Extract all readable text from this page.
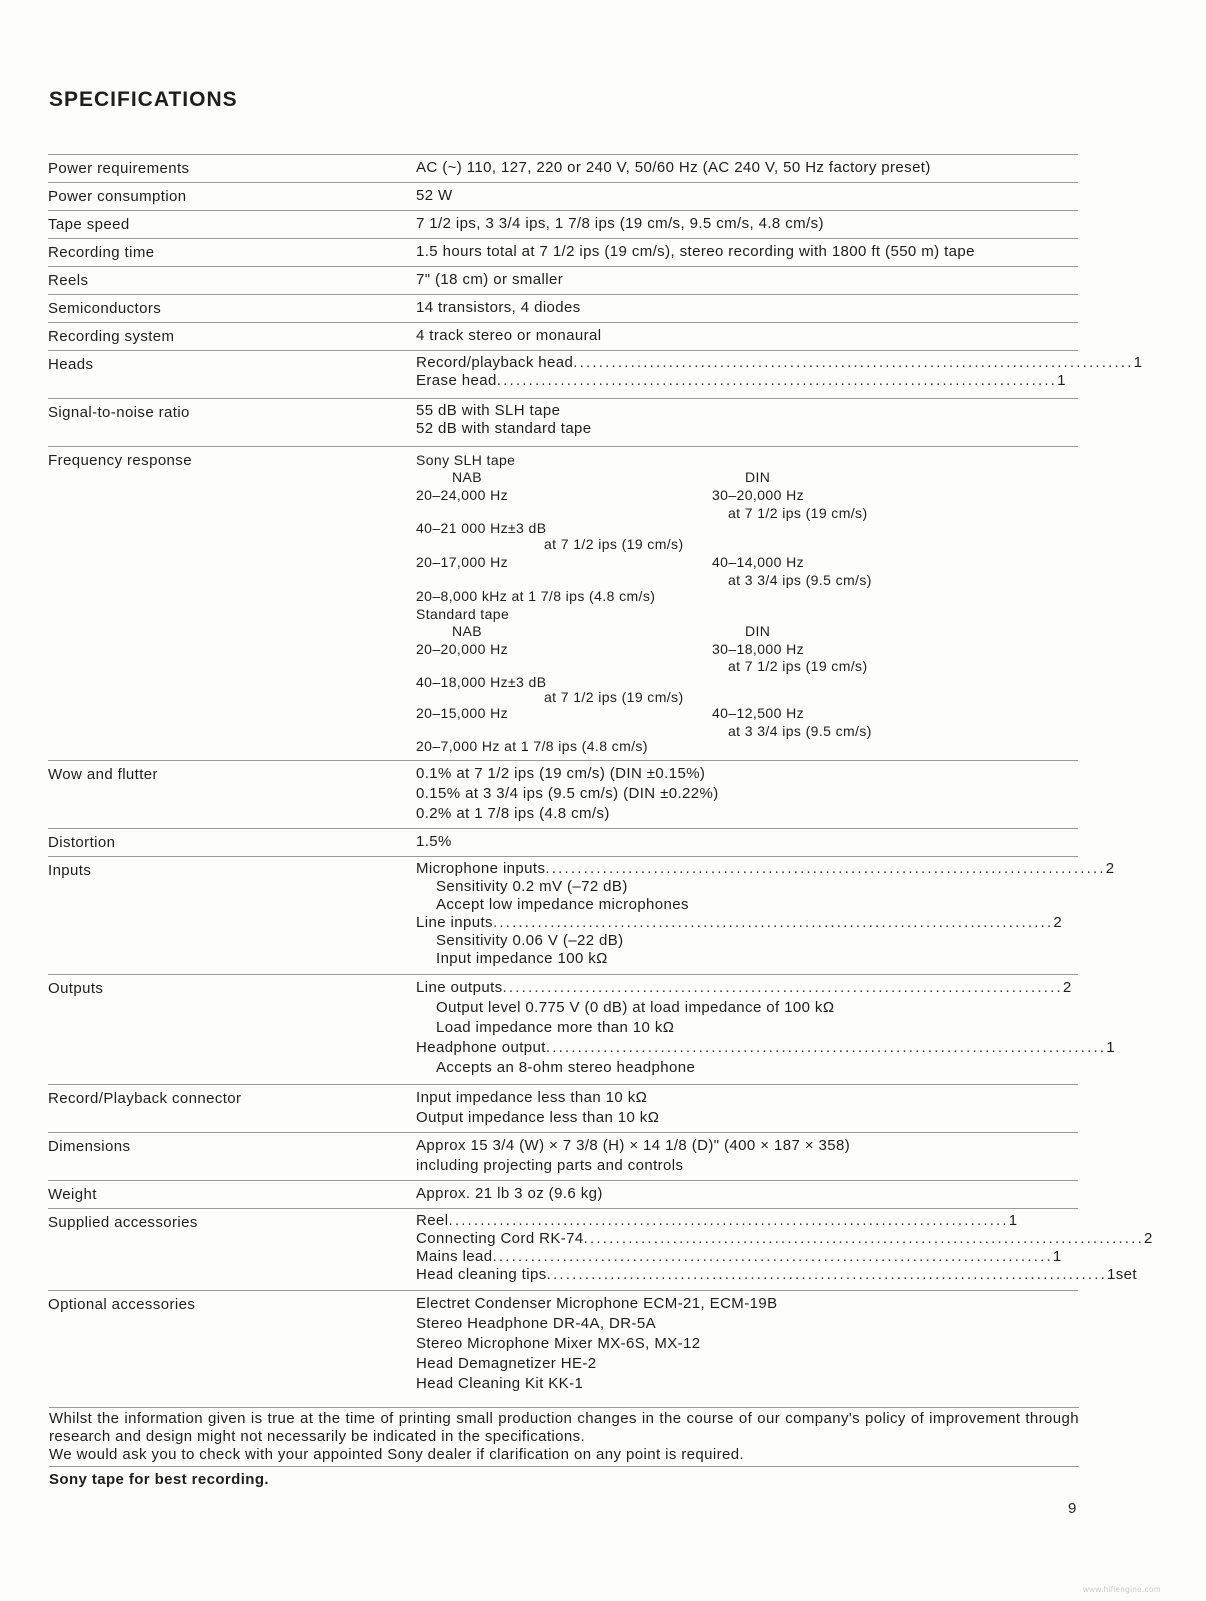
SPECIFICATIONS
Power requirements	AC (~) 110, 127, 220 or 240 V, 50/60 Hz (AC 240 V, 50 Hz factory preset)
Power consumption	52 W
Tape speed	7 1/2 ips, 3 3/4 ips, 1 7/8 ips (19 cm/s, 9.5 cm/s, 4.8 cm/s)
Recording time	1.5 hours total at 7 1/2 ips (19 cm/s), stereo recording with 1800 ft (550 m) tape
Reels	7" (18 cm) or smaller
Semiconductors	14 transistors, 4 diodes
Recording system	4 track stereo or monaural
Heads	Record/playback head ........................................................................................ 1
Erase head ........................................................................................ 1
Signal-to-noise ratio	55 dB with SLH tape
52 dB with standard tape
Frequency response	Sony SLH tape
NAB	DIN
20–24,000 Hz	30–20,000 Hz
at 7 1/2 ips (19 cm/s)
40–21 000 Hz±3 dB
at 7 1/2 ips (19 cm/s)
20–17,000 Hz	40–14,000 Hz
at 3 3/4 ips (9.5 cm/s)
20–8,000 kHz at 1 7/8 ips (4.8 cm/s)
Standard tape
NAB	DIN
20–20,000 Hz	30–18,000 Hz
at 7 1/2 ips (19 cm/s)
40–18,000 Hz±3 dB
at 7 1/2 ips (19 cm/s)
20–15,000 Hz	40–12,500 Hz
at 3 3/4 ips (9.5 cm/s)
20–7,000 Hz at 1 7/8 ips (4.8 cm/s)
Wow and flutter	0.1% at 7 1/2 ips (19 cm/s) (DIN ±0.15%)
0.15% at 3 3/4 ips (9.5 cm/s) (DIN ±0.22%)
0.2% at 1 7/8 ips (4.8 cm/s)
Distortion	1.5%
Inputs	Microphone inputs ........................................................................................ 2
Sensitivity 0.2 mV (–72 dB)
Accept low impedance microphones
Line inputs ........................................................................................ 2
Sensitivity 0.06 V (–22 dB)
Input impedance 100 kΩ
Outputs	Line outputs ........................................................................................ 2
Output level 0.775 V (0 dB) at load impedance of 100 kΩ
Load impedance more than 10 kΩ
Headphone output ........................................................................................ 1
Accepts an 8-ohm stereo headphone
Record/Playback connector	Input impedance less than 10 kΩ
Output impedance less than 10 kΩ
Dimensions	Approx 15 3/4 (W) × 7 3/8 (H) × 14 1/8 (D)" (400 × 187 × 358)
including projecting parts and controls
Weight	Approx. 21 lb 3 oz (9.6 kg)
Supplied accessories	Reel ........................................................................................ 1
Connecting Cord RK-74 ........................................................................................ 2
Mains lead ........................................................................................ 1
Head cleaning tips ........................................................................................ 1set
Optional accessories	Electret Condenser Microphone ECM-21, ECM-19B
Stereo Headphone DR-4A, DR-5A
Stereo Microphone Mixer MX-6S, MX-12
Head Demagnetizer HE-2
Head Cleaning Kit KK-1
Whilst the information given is true at the time of printing small production changes in the course of our company's policy of improvement through research and design might not necessarily be indicated in the specifications.
We would ask you to check with your appointed Sony dealer if clarification on any point is required.
Sony tape for best recording.
9
www.hifiengine.com
